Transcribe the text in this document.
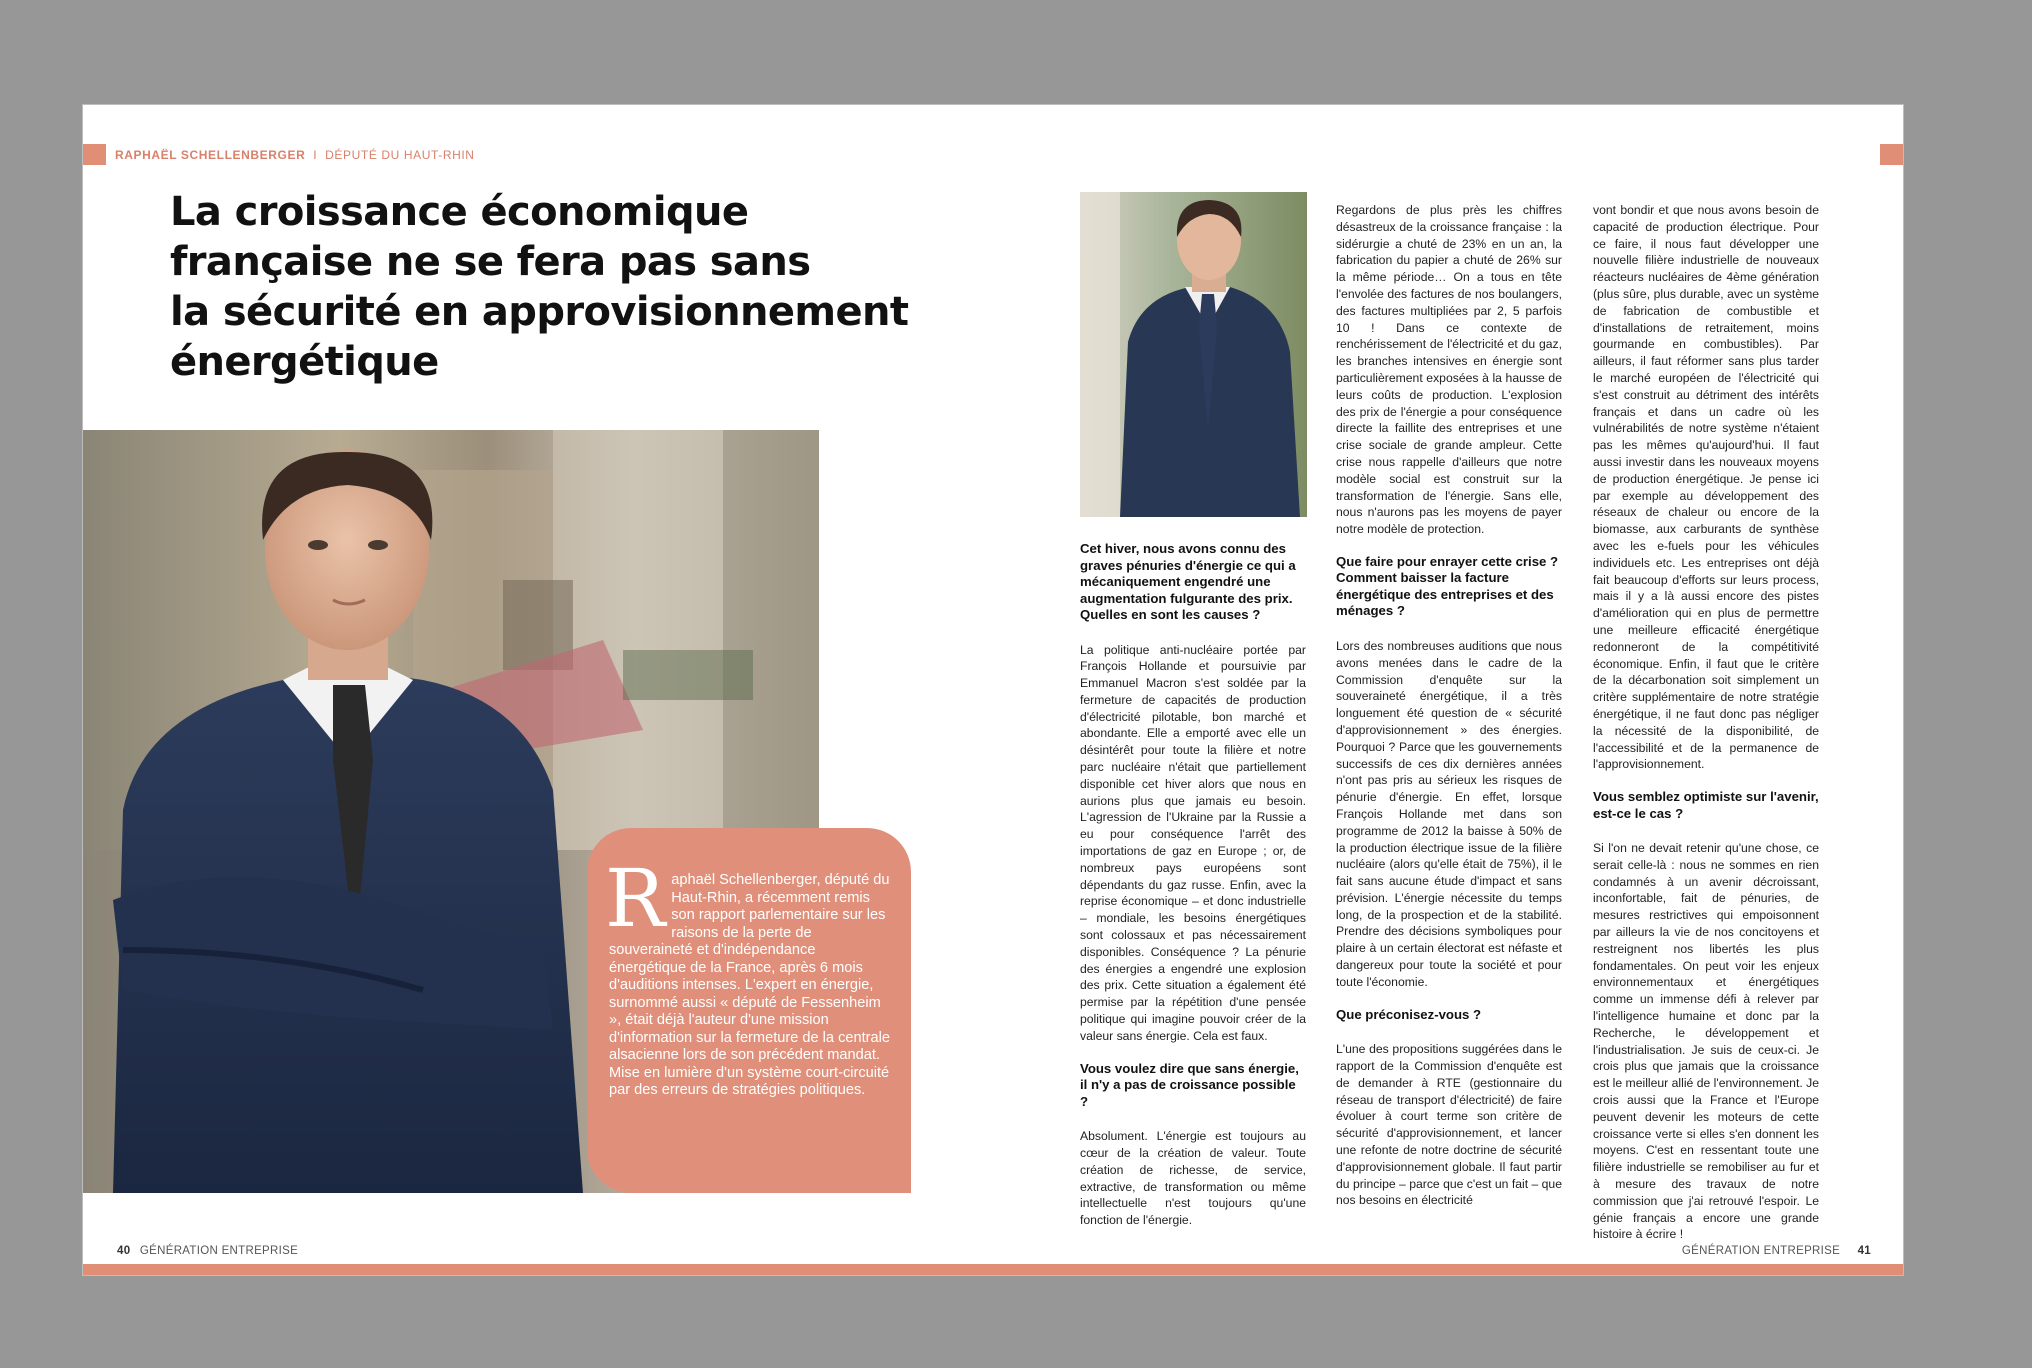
RAPHAËL SCHELLENBERGER I DÉPUTÉ DU HAUT-RHIN
La croissance économique
française ne se fera pas sans
la sécurité en approvisionnement
énergétique
R aphaël Schellenberger, député du Haut-Rhin, a récemment remis son rapport parlementaire sur les raisons de la perte de souveraineté et d'indépendance énergétique de la France, après 6 mois d'auditions intenses. L'expert en énergie, surnommé aussi « député de Fessenheim », était déjà l'auteur d'une mission d'information sur la fermeture de la centrale alsacienne lors de son précédent mandat. Mise en lumière d'un système court-circuité par des erreurs de stratégies politiques.
Cet hiver, nous avons connu des graves pénuries d'énergie ce qui a mécaniquement engendré une augmentation fulgurante des prix. Quelles en sont les causes ?

La politique anti-nucléaire portée par François Hollande et poursuivie par Emmanuel Macron s'est soldée par la fermeture de capacités de production d'électricité pilotable, bon marché et abondante. Elle a emporté avec elle un désintérêt pour toute la filière et notre parc nucléaire n'était que partiellement disponible cet hiver alors que nous en aurions plus que jamais eu besoin. L'agression de l'Ukraine par la Russie a eu pour conséquence l'arrêt des importations de gaz en Europe ; or, de nombreux pays européens sont dépendants du gaz russe. Enfin, avec la reprise économique – et donc industrielle – mondiale, les besoins énergétiques sont colossaux et pas nécessairement disponibles. Conséquence ? La pénurie des énergies a engendré une explosion des prix. Cette situation a également été permise par la répétition d'une pensée politique qui imagine pouvoir créer de la valeur sans énergie. Cela est faux.

Vous voulez dire que sans énergie, il n'y a pas de croissance possible ?

Absolument. L'énergie est toujours au cœur de la création de valeur. Toute création de richesse, de service, extractive, de transformation ou même intellectuelle n'est toujours qu'une fonction de l'énergie.

Regardons de plus près les chiffres désastreux de la croissance française : la sidérurgie a chuté de 23% en un an, la fabrication du papier a chuté de 26% sur la même période… On a tous en tête l'envolée des factures de nos boulangers, des factures multipliées par 2, 5 parfois 10 ! Dans ce contexte de renchérissement de l'électricité et du gaz, les branches intensives en énergie sont particulièrement exposées à la hausse de leurs coûts de production. L'explosion des prix de l'énergie a pour conséquence directe la faillite des entreprises et une crise sociale de grande ampleur. Cette crise nous rappelle d'ailleurs que notre modèle social est construit sur la transformation de l'énergie. Sans elle, nous n'aurons pas les moyens de payer notre modèle de protection.

Que faire pour enrayer cette crise ? Comment baisser la facture énergétique des entreprises et des ménages ?

Lors des nombreuses auditions que nous avons menées dans le cadre de la Commission d'enquête sur la souveraineté énergétique, il a très longuement été question de « sécurité d'approvisionnement » des énergies. Pourquoi ? Parce que les gouvernements successifs de ces dix dernières années n'ont pas pris au sérieux les risques de pénurie d'énergie. En effet, lorsque François Hollande met dans son programme de 2012 la baisse à 50% de la production électrique issue de la filière nucléaire (alors qu'elle était de 75%), il le fait sans aucune étude d'impact et sans prévision. L'énergie nécessite du temps long, de la prospection et de la stabilité. Prendre des décisions symboliques pour plaire à un certain électorat est néfaste et dangereux pour toute la société et pour toute l'économie.

Que préconisez-vous ?

L'une des propositions suggérées dans le rapport de la Commission d'enquête est de demander à RTE (gestionnaire du réseau de transport d'électricité) de faire évoluer à court terme son critère de sécurité d'approvisionnement, et lancer une refonte de notre doctrine de sécurité d'approvisionnement globale. Il faut partir du principe – parce que c'est un fait – que nos besoins en électricité

vont bondir et que nous avons besoin de capacité de production électrique. Pour ce faire, il nous faut développer une nouvelle filière industrielle de nouveaux réacteurs nucléaires de 4ème génération (plus sûre, plus durable, avec un système de fabrication de combustible et d'installations de retraitement, moins gourmande en combustibles). Par ailleurs, il faut réformer sans plus tarder le marché européen de l'électricité qui s'est construit au détriment des intérêts français et dans un cadre où les vulnérabilités de notre système n'étaient pas les mêmes qu'aujourd'hui. Il faut aussi investir dans les nouveaux moyens de production énergétique. Je pense ici par exemple au développement des réseaux de chaleur ou encore de la biomasse, aux carburants de synthèse avec les e-fuels pour les véhicules individuels etc. Les entreprises ont déjà fait beaucoup d'efforts sur leurs process, mais il y a là aussi encore des pistes d'amélioration qui en plus de permettre une meilleure efficacité énergétique redonneront de la compétitivité économique. Enfin, il faut que le critère de la décarbonation soit simplement un critère supplémentaire de notre stratégie énergétique, il ne faut donc pas négliger la nécessité de la disponibilité, de l'accessibilité et de la permanence de l'approvisionnement.

Vous semblez optimiste sur l'avenir, est-ce le cas ?

Si l'on ne devait retenir qu'une chose, ce serait celle-là : nous ne sommes en rien condamnés à un avenir décroissant, inconfortable, fait de pénuries, de mesures restrictives qui empoisonnent par ailleurs la vie de nos concitoyens et restreignent nos libertés les plus fondamentales. On peut voir les enjeux environnementaux et énergétiques comme un immense défi à relever par l'intelligence humaine et donc par la Recherche, le développement et l'industrialisation. Je suis de ceux-ci. Je crois plus que jamais que la croissance est le meilleur allié de l'environnement. Je crois aussi que la France et l'Europe peuvent devenir les moteurs de cette croissance verte si elles s'en donnent les moyens. C'est en ressentant toute une filière industrielle se remobiliser au fur et à mesure des travaux de notre commission que j'ai retrouvé l'espoir. Le génie français a encore une grande histoire à écrire !

40 GÉNÉRATION ENTREPRISE	GÉNÉRATION ENTREPRISE 41
